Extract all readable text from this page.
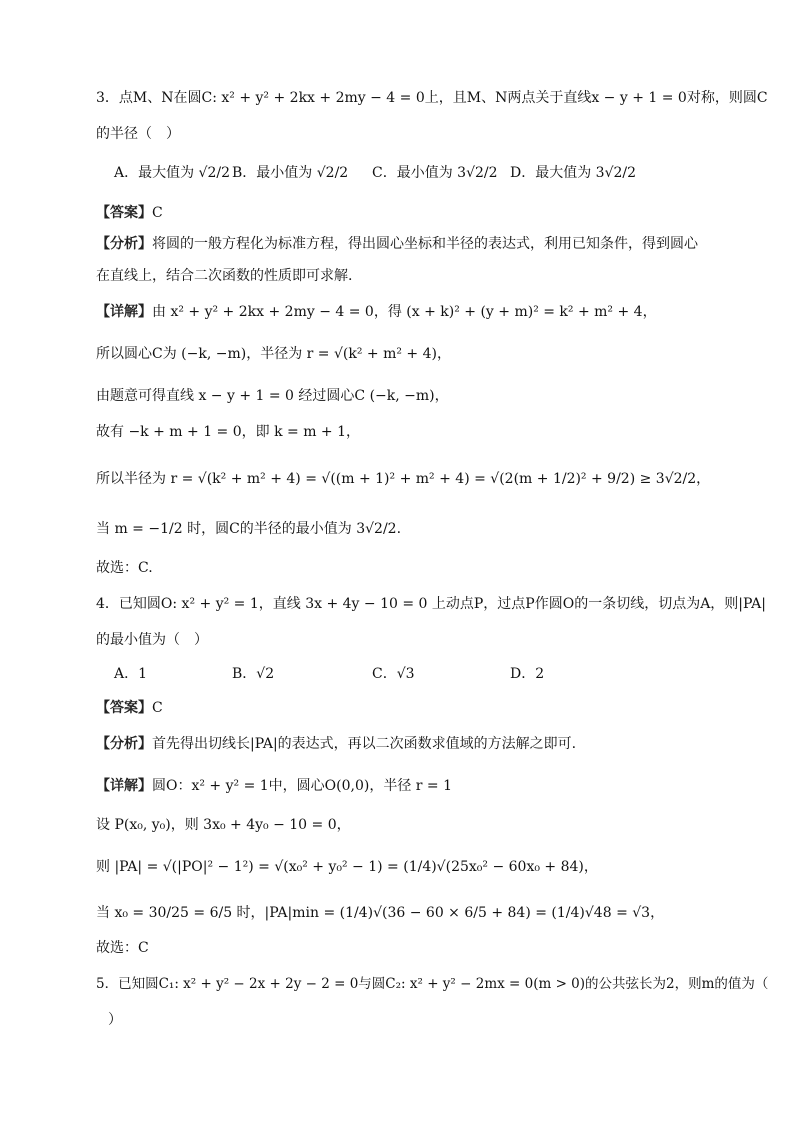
3．点M、N在圆C: x² + y² + 2kx + 2my − 4 = 0上，且M、N两点关于直线x − y + 1 = 0对称，则圆C
的半径（　）
A．最大值为 √2/2 B．最小值为 √2/2 C．最小值为 3√2/2 D．最大值为 3√2/2
【答案】C
【分析】将圆的一般方程化为标准方程，得出圆心坐标和半径的表达式，利用已知条件，得到圆心
在直线上，结合二次函数的性质即可求解.
【详解】由 x² + y² + 2kx + 2my − 4 = 0，得 (x + k)² + (y + m)² = k² + m² + 4，
所以圆心C为 (−k, −m)，半径为 r = √(k² + m² + 4)，
由题意可得直线 x − y + 1 = 0 经过圆心C (−k, −m)，
故有 −k + m + 1 = 0，即 k = m + 1，
所以半径为 r = √(k² + m² + 4) = √((m + 1)² + m² + 4) = √(2(m + 1/2)² + 9/2) ≥ 3√2/2，
当 m = −1/2 时，圆C的半径的最小值为 3√2/2.
故选：C.
4．已知圆O: x² + y² = 1，直线 3x + 4y − 10 = 0 上动点P，过点P作圆O的一条切线，切点为A，则|PA|
的最小值为（　）
A．1	B．√2	C．√3	D．2
【答案】C
【分析】首先得出切线长|PA|的表达式，再以二次函数求值域的方法解之即可.
【详解】圆O：x² + y² = 1中，圆心O(0,0)，半径 r = 1
设 P(x₀, y₀)，则 3x₀ + 4y₀ − 10 = 0，
则 |PA| = √(|PO|² − 1²) = √(x₀² + y₀² − 1) = (1/4)√(25x₀² − 60x₀ + 84)，
当 x₀ = 30/25 = 6/5 时，|PA|min = (1/4)√(36 − 60 × 6/5 + 84) = (1/4)√48 = √3，
故选：C
5．已知圆C₁: x² + y² − 2x + 2y − 2 = 0与圆C₂: x² + y² − 2mx = 0(m > 0)的公共弦长为2，则m的值为（
）
